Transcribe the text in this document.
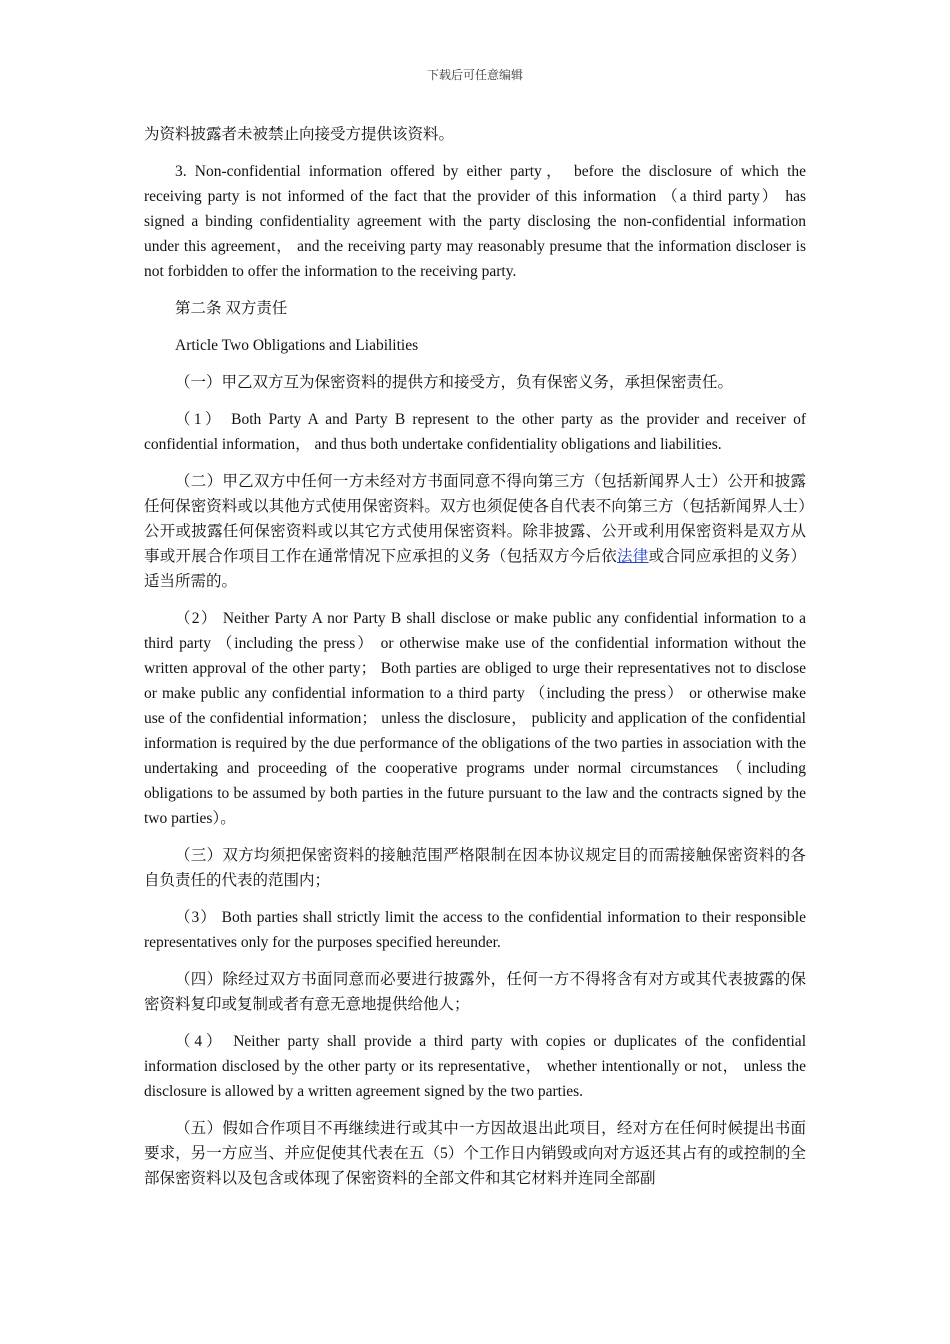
下载后可任意编辑

为资料披露者未被禁止向接受方提供该资料。

3. Non-confidential information offered by either party， before the disclosure of which the receiving party is not informed of the fact that the provider of this information （a third party） has signed a binding confidentiality agreement with the party disclosing the non-confidential information under this agreement， and the receiving party may reasonably presume that the information discloser is not forbidden to offer the information to the receiving party.

第二条 双方责任

Article Two Obligations and Liabilities

（一）甲乙双方互为保密资料的提供方和接受方，负有保密义务，承担保密责任。

（1） Both Party A and Party B represent to the other party as the provider and receiver of confidential information， and thus both undertake confidentiality obligations and liabilities.

（二）甲乙双方中任何一方未经对方书面同意不得向第三方（包括新闻界人士）公开和披露任何保密资料或以其他方式使用保密资料。双方也须促使各自代表不向第三方（包括新闻界人士）公开或披露任何保密资料或以其它方式使用保密资料。除非披露、公开或利用保密资料是双方从事或开展合作项目工作在通常情况下应承担的义务（包括双方今后依法律或合同应承担的义务）适当所需的。

（2） Neither Party A nor Party B shall disclose or make public any confidential information to a third party （including the press） or otherwise make use of the confidential information without the written approval of the other party； Both parties are obliged to urge their representatives not to disclose or make public any confidential information to a third party （including the press） or otherwise make use of the confidential information； unless the disclosure， publicity and application of the confidential information is required by the due performance of the obligations of the two parties in association with the undertaking and proceeding of the cooperative programs under normal circumstances （including obligations to be assumed by both parties in the future pursuant to the law and the contracts signed by the two parties）。

（三）双方均须把保密资料的接触范围严格限制在因本协议规定目的而需接触保密资料的各自负责任的代表的范围内；

（3） Both parties shall strictly limit the access to the confidential information to their responsible representatives only for the purposes specified hereunder.

（四）除经过双方书面同意而必要进行披露外，任何一方不得将含有对方或其代表披露的保密资料复印或复制或者有意无意地提供给他人；

（4） Neither party shall provide a third party with copies or duplicates of the confidential information disclosed by the other party or its representative， whether intentionally or not， unless the disclosure is allowed by a written agreement signed by the two parties.

（五）假如合作项目不再继续进行或其中一方因故退出此项目，经对方在任何时候提出书面要求，另一方应当、并应促使其代表在五（5）个工作日内销毁或向对方返还其占有的或控制的全部保密资料以及包含或体现了保密资料的全部文件和其它材料并连同全部副
